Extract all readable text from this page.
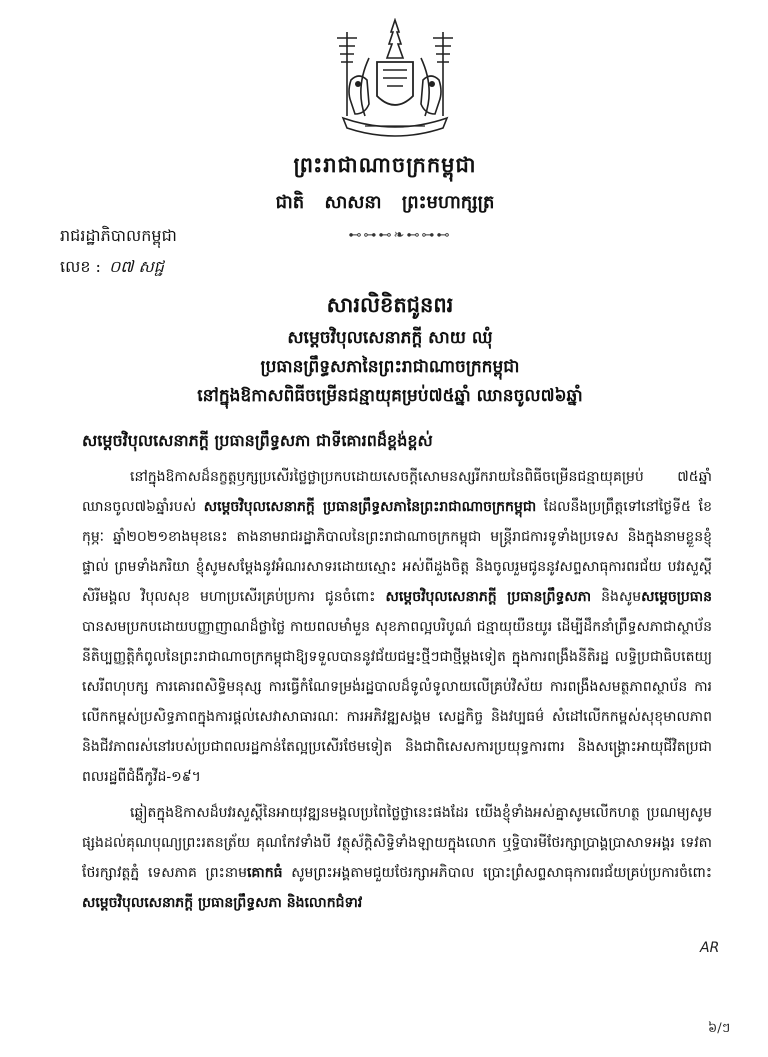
ព្រះរាជាណាចក្រកម្ពុជា
ជាតិ សាសនា ព្រះមហាក្សត្រ
⊷⊶⊷❧⊷⊶⊷
រាជរដ្ឋាភិបាលកម្ពុជា
លេខ : ០៧ សជ្ជ
សារលិខិតជូនពរ
សម្ដេចវិបុលសេនាភក្ដី សាយ ឈុំ
ប្រធានព្រឹទ្ធសភានៃព្រះរាជាណាចក្រកម្ពុជា
នៅក្នុងឱកាសពិធីចម្រើនជន្មាយុគម្រប់៧៥ឆ្នាំ ឈានចូល៧៦ឆ្នាំ
សម្ដេចវិបុលសេនាភក្ដី ប្រធានព្រឹទ្ធសភា ជាទីគោរពដ៏ខ្ពង់ខ្ពស់

នៅក្នុងឱកាសដ៏នក្ខត្តឫក្សប្រសើរថ្លៃថ្លាប្រកបដោយសេចក្ដីសោមនស្សរីករាយនៃពិធីចម្រើនជន្មាយុគម្រប់ ៧៥ឆ្នាំ ឈានចូល៧៦ឆ្នាំរបស់ សម្ដេចវិបុលសេនាភក្ដី ប្រធានព្រឹទ្ធសភានៃព្រះរាជាណាចក្រកម្ពុជា ដែលនឹងប្រព្រឹត្តទៅនៅថ្ងៃទី៥ ខែកុម្ភៈ ឆ្នាំ២០២១ខាងមុខនេះ តាងនាមរាជរដ្ឋាភិបាលនៃព្រះរាជាណាចក្រកម្ពុជា មន្ត្រីរាជការទូទាំងប្រទេស និងក្នុងនាមខ្លួនខ្ញុំផ្ទាល់ ព្រមទាំងភរិយា ខ្ញុំសូមសម្ដែងនូវអំណរសាទរដោយស្មោះ អស់ពីដួងចិត្ត និងចូលរួមជូននូវសព្ទសាធុការពរជ័យ បវរសួស្ដី សិរីមង្គល វិបុលសុខ មហាប្រសើរគ្រប់ប្រការ ជូនចំពោះ សម្ដេចវិបុលសេនាភក្ដី ប្រធានព្រឹទ្ធសភា និងសូមសម្ដេចប្រធាន បានសមប្រកបដោយបញ្ញាញាណដ៏ថ្លាថ្លៃ កាយពលមាំមួន សុខភាពល្អបរិបូណ៌ ជន្មាយុយឺនយូរ ដើម្បីដឹកនាំព្រឹទ្ធសភាជាស្ថាប័ននីតិប្បញ្ញត្តិកំពូលនៃព្រះរាជាណាចក្រកម្ពុជាឱ្យទទួលបាននូវជ័យជម្នះថ្មីៗជាថ្មីម្ដងទៀត ក្នុងការពង្រឹងនីតិរដ្ឋ លទ្ធិប្រជាធិបតេយ្យសេរីពហុបក្ស ការគោរពសិទ្ធិមនុស្ស ការធ្វើកំណែទម្រង់រដ្ឋបាលដ៏ទូលំទូលាយលើគ្រប់វិស័យ ការពង្រឹងសមត្ថភាពស្ថាប័ន ការលើកកម្ពស់ប្រសិទ្ធភាពក្នុងការផ្ដល់សេវាសាធារណៈ ការអភិវឌ្ឍសង្គម សេដ្ឋកិច្ច និងវប្បធម៌ សំដៅលើកកម្ពស់សុខុមាលភាព និងជីវភាពរស់នៅរបស់ប្រជាពលរដ្ឋកាន់តែល្អប្រសើរថែមទៀត និងជាពិសេសការប្រយុទ្ធការពារ និងសង្គ្រោះអាយុជីវិតប្រជាពលរដ្ឋពីជំងឺកូវីដ-១៩។

ឆ្លៀតក្នុងឱកាសដ៏បវរសួស្ដីនៃអាយុវឌ្ឍនមង្គលប្រពៃថ្លៃថ្លានេះផងដែរ យើងខ្ញុំទាំងអស់គ្នាសូមលើកហត្ថ ប្រណម្យសូមផ្សងដល់គុណបុណ្យព្រះរតនត្រ័យ គុណកែវទាំងបី វត្ថុស័ក្ដិសិទ្ធិទាំងឡាយក្នុងលោក ឬទ្ធិបារមីថែរក្សាប្រាង្គប្រាសាទអង្គរ ទេវតាថែរក្សាវត្តភ្នំ ទេសភាគ ព្រះនាមគោកធំ សូមព្រះអង្គតាមជួយថែរក្សាអភិបាល ប្រោះព្រំសព្ទសាធុការពរជ័យគ្រប់ប្រការចំពោះសម្ដេចវិបុលសេនាភក្ដី ប្រធានព្រឹទ្ធសភា និងលោកជំទាវ

AR
៦/ៗ
